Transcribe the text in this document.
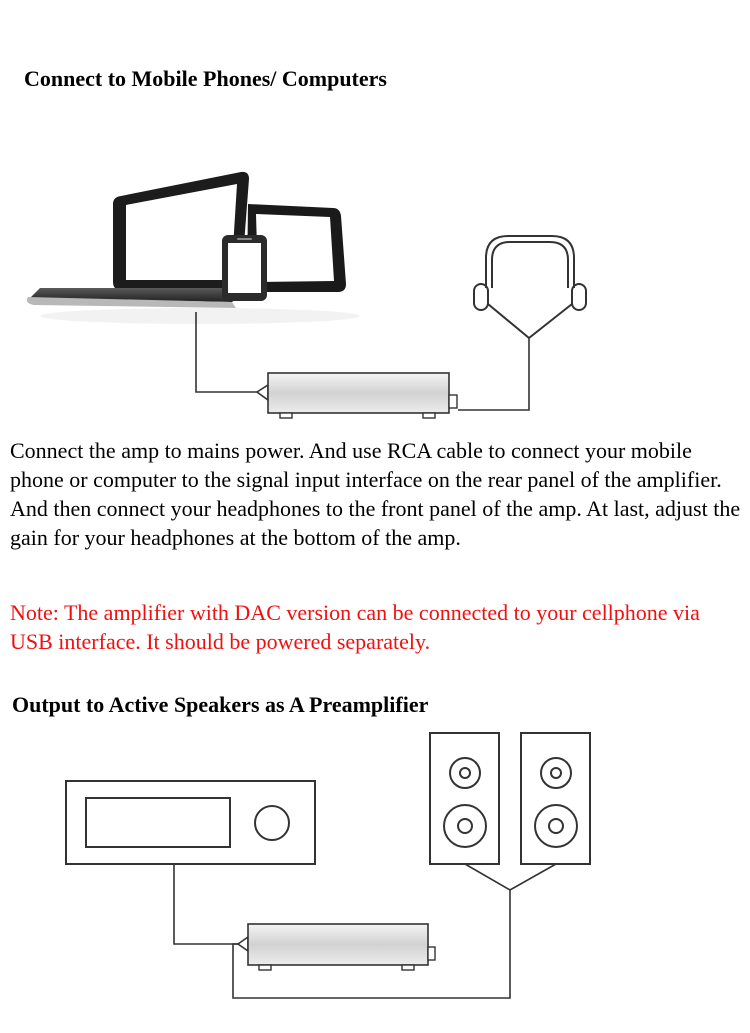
Connect to Mobile Phones/ Computers

Connect the amp to mains power. And use RCA cable to connect your mobile phone or computer to the signal input interface on the rear panel of the amplifier. And then connect your headphones to the front panel of the amp. At last, adjust the gain for your headphones at the bottom of the amp.

Note: The amplifier with DAC version can be connected to your cellphone via USB interface. It should be powered separately.

Output to Active Speakers as A Preamplifier
